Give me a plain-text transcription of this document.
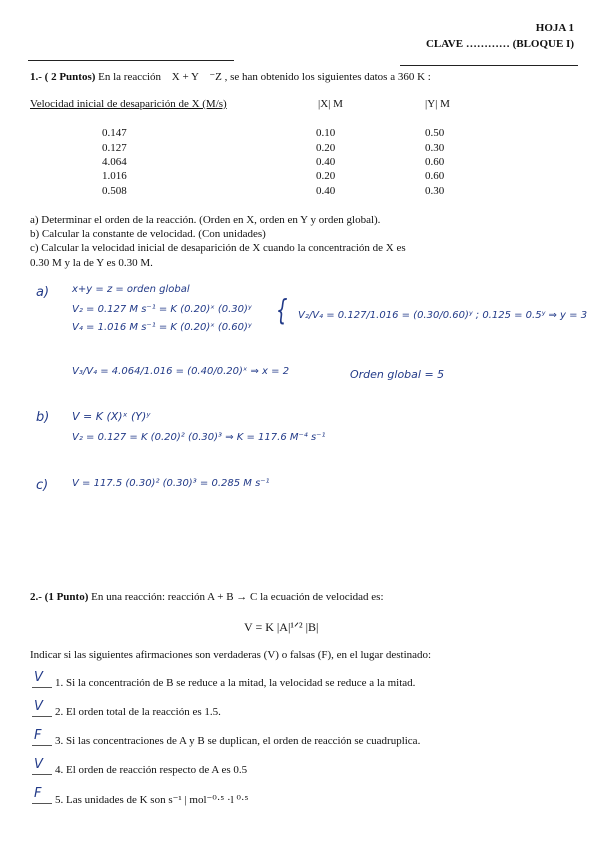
HOJA 1
CLAVE ………… (BLOQUE I)
1.- ( 2 Puntos) En la reacción X + Y ⁻Z , se han obtenido los siguientes datos a 360 K :
Velocidad inicial de desaparición de X (M/s)	|X| M	|Y| M
0.147	0.10	0.50
0.127	0.20	0.30
4.064	0.40	0.60
1.016	0.20	0.60
0.508	0.40	0.30
a) Determinar el orden de la reacción. (Orden en X, orden en Y y orden global).
b) Calcular la constante de velocidad. (Con unidades)
c) Calcular la velocidad inicial de desaparición de X cuando la concentración de X es
0.30 M y la de Y es 0.30 M.
a) x+y = z = orden global
V₂ = 0.127 M s⁻¹ = K (0.20)ˣ (0.30)ʸ
V₄ = 1.016 M s⁻¹ = K (0.20)ˣ (0.60)ʸ
{ V₂/V₄ = 0.127/1.016 = (0.30/0.60)ʸ ; 0.125 = 0.5ʸ ⇒ y = 3
V₃/V₄ = 4.064/1.016 = (0.40/0.20)ˣ ⇒ x = 2	Orden global = 5
b) V = K (X)ˣ (Y)ʸ
V₂ = 0.127 = K (0.20)² (0.30)³ ⇒ K = 117.6 M⁻⁴ s⁻¹
c) V = 117.5 (0.30)² (0.30)³ = 0.285 M s⁻¹
2.- (1 Punto) En una reacción: reacción A + B → C la ecuación de velocidad es:
V = K |A|¹ᐟ² |B|
Indicar si las siguientes afirmaciones son verdaderas (V) o falsas (F), en el lugar destinado:
V 1. Si la concentración de B se reduce a la mitad, la velocidad se reduce a la mitad.
V 2. El orden total de la reacción es 1.5.
F 3. Si las concentraciones de A y B se duplican, el orden de reacción se cuadruplica.
V 4. El orden de reacción respecto de A es 0.5
F 5. Las unidades de K son s⁻¹ | mol⁻⁰·⁵ ·l ⁰·⁵
